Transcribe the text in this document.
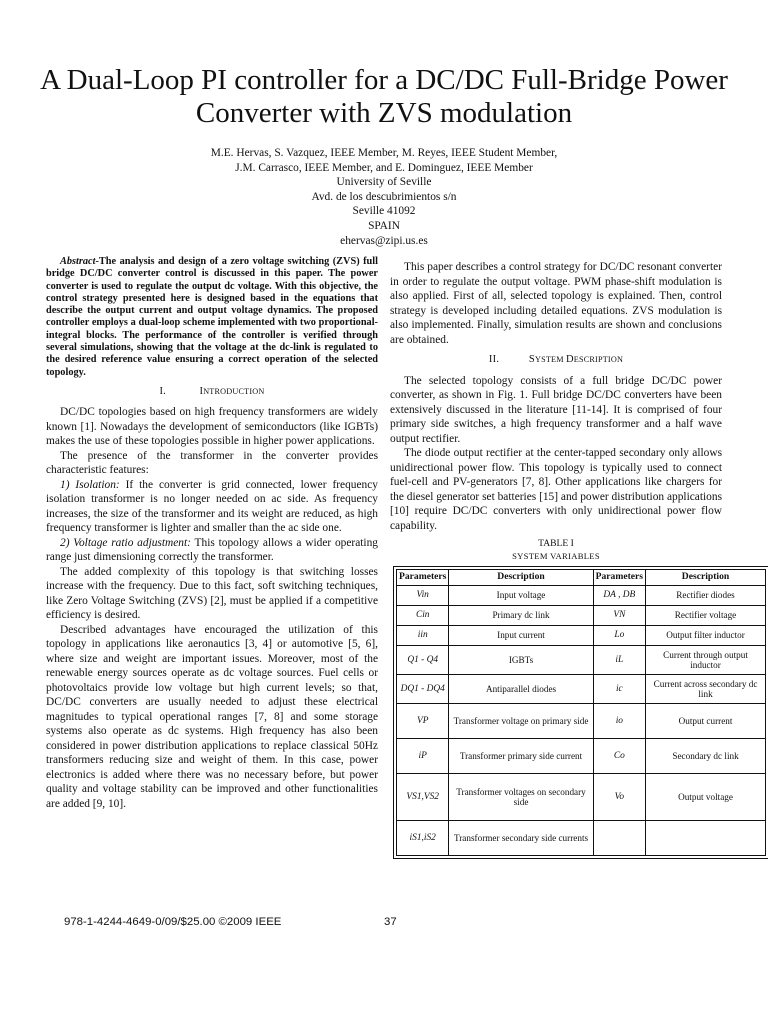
A Dual-Loop PI controller for a DC/DC Full-Bridge Power Converter with ZVS modulation
M.E. Hervas, S. Vazquez, IEEE Member, M. Reyes, IEEE Student Member,
J.M. Carrasco, IEEE Member, and E. Dominguez, IEEE Member
University of Seville
Avd. de los descubrimientos s/n
Seville 41092
SPAIN
ehervas@zipi.us.es

Abstract-The analysis and design of a zero voltage switching (ZVS) full bridge DC/DC converter control is discussed in this paper. The power converter is used to regulate the output dc voltage. With this objective, the control strategy presented here is designed based in the equations that describe the output current and output voltage dynamics. The proposed controller employs a dual-loop scheme implemented with two proportional-integral blocks. The performance of the controller is verified through several simulations, showing that the voltage at the dc-link is regulated to the desired reference value ensuring a correct operation of the selected topology.

I.	INTRODUCTION

DC/DC topologies based on high frequency transformers are widely known [1]. Nowadays the development of semiconductors (like IGBTs) makes the use of these topologies possible in higher power applications.

The presence of the transformer in the converter provides characteristic features:

1) Isolation: If the converter is grid connected, lower frequency isolation transformer is no longer needed on ac side. As frequency increases, the size of the transformer and its weight are reduced, as high frequency transformer is lighter and smaller than the ac side one.

2) Voltage ratio adjustment: This topology allows a wider operating range just dimensioning correctly the transformer.

The added complexity of this topology is that switching losses increase with the frequency. Due to this fact, soft switching techniques, like Zero Voltage Switching (ZVS) [2], must be applied if a competitive efficiency is desired.

Described advantages have encouraged the utilization of this topology in applications like aeronautics [3, 4] or automotive [5, 6], where size and weight are important issues. Moreover, most of the renewable energy sources operate as dc voltage sources. Fuel cells or photovoltaics provide low voltage but high current levels; so that, DC/DC converters are usually needed to adjust these electrical magnitudes to typical operational ranges [7, 8] and some storage systems also operate as dc systems. High frequency has also been considered in power distribution applications to replace classical 50Hz transformers reducing size and weight of them. In this case, power electronics is added where there was no necessary before, but power quality and voltage stability can be improved and other functionalities are added [9, 10].

This paper describes a control strategy for DC/DC resonant converter in order to regulate the output voltage. PWM phase-shift modulation is also applied. First of all, selected topology is explained. Then, control strategy is developed including detailed equations. ZVS modulation is also implemented. Finally, simulation results are shown and conclusions are obtained.

II.	SYSTEM DESCRIPTION

The selected topology consists of a full bridge DC/DC power converter, as shown in Fig. 1. Full bridge DC/DC converters have been extensively discussed in the literature [11-14]. It is comprised of four primary side switches, a high frequency transformer and a half wave output rectifier.

The diode output rectifier at the center-tapped secondary only allows unidirectional power flow. This topology is typically used to connect fuel-cell and PV-generators [7, 8]. Other applications like chargers for the diesel generator set batteries [15] and power distribution applications [10] require DC/DC converters with only unidirectional power flow capability.

TABLE I
SYSTEM VARIABLES
Parameters	Description	Parameters	Description
Vin	Input voltage	DA , DB	Rectifier diodes
Cin	Primary dc link	VN	Rectifier voltage
iin	Input current	Lo	Output filter inductor
Q1 - Q4	IGBTs	iL	Current through output inductor
DQ1 - DQ4	Antiparallel diodes	ic	Current across secondary dc link
VP	Transformer voltage on primary side	io	Output current
iP	Transformer primary side current	Co	Secondary dc link
VS1,VS2	Transformer voltages on secondary side	Vo	Output voltage
iS1,iS2	Transformer secondary side currents		
978-1-4244-4649-0/09/$25.00 ©2009 IEEE	37
